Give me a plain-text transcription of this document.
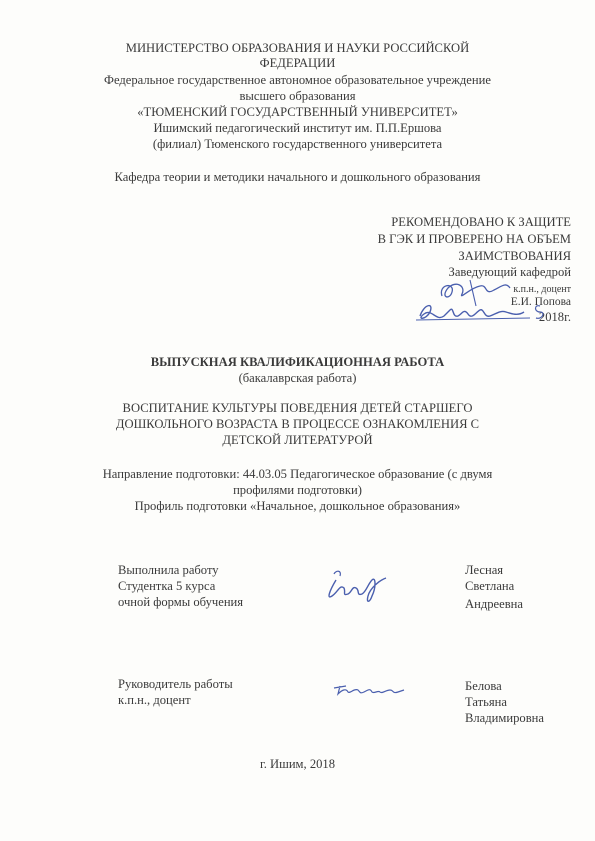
МИНИСТЕРСТВО ОБРАЗОВАНИЯ И НАУКИ РОССИЙСКОЙ
ФЕДЕРАЦИИ
Федеральное государственное автономное образовательное учреждение
высшего образования
«ТЮМЕНСКИЙ ГОСУДАРСТВЕННЫЙ УНИВЕРСИТЕТ»
Ишимский педагогический институт им. П.П.Ершова
(филиал) Тюменского государственного университета
Кафедра теории и методики начального и дошкольного образования
РЕКОМЕНДОВАНО К ЗАЩИТЕ
В ГЭК И ПРОВЕРЕНО НА ОБЪЕМ
ЗАИМСТВОВАНИЯ
Заведующий кафедрой
к.п.н., доцент
Е.И. Попова
2018г.
ВЫПУСКНАЯ КВАЛИФИКАЦИОННАЯ РАБОТА
(бакалаврская работа)
ВОСПИТАНИЕ КУЛЬТУРЫ ПОВЕДЕНИЯ ДЕТЕЙ СТАРШЕГО
ДОШКОЛЬНОГО ВОЗРАСТА В ПРОЦЕССЕ ОЗНАКОМЛЕНИЯ С
ДЕТСКОЙ ЛИТЕРАТУРОЙ
Направление подготовки: 44.03.05 Педагогическое образование (с двумя
профилями подготовки)
Профиль подготовки «Начальное, дошкольное образования»
Выполнила работу
Студентка 5 курса
очной формы обучения
Лесная
Светлана
Андреевна
Руководитель работы
к.п.н., доцент
Белова
Татьяна
Владимировна
г. Ишим, 2018
